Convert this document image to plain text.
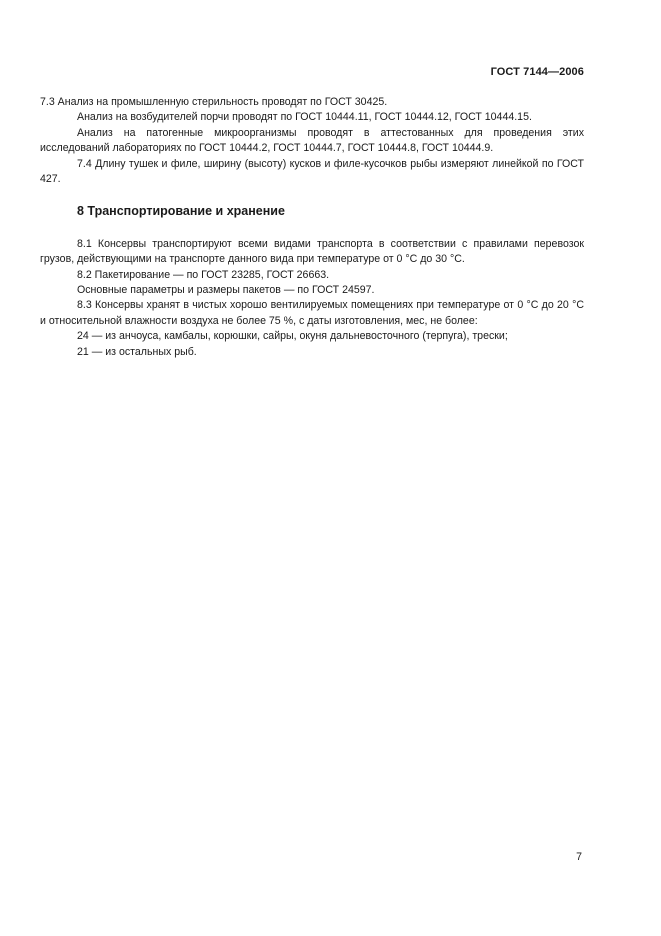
ГОСТ 7144—2006

7.3 Анализ на промышленную стерильность проводят по ГОСТ 30425.

Анализ на возбудителей порчи проводят по ГОСТ 10444.11, ГОСТ 10444.12, ГОСТ 10444.15.

Анализ на патогенные микроорганизмы проводят в аттестованных для проведения этих исследований лабораториях по ГОСТ 10444.2, ГОСТ 10444.7, ГОСТ 10444.8, ГОСТ 10444.9.

7.4 Длину тушек и филе, ширину (высоту) кусков и филе-кусочков рыбы измеряют линейкой по ГОСТ 427.

8 Транспортирование и хранение

8.1 Консервы транспортируют всеми видами транспорта в соответствии с правилами перевозок грузов, действующими на транспорте данного вида при температуре от 0 °С до 30 °С.

8.2 Пакетирование — по ГОСТ 23285, ГОСТ 26663.

Основные параметры и размеры пакетов — по ГОСТ 24597.

8.3 Консервы хранят в чистых хорошо вентилируемых помещениях при температуре от 0 °С до 20 °С и относительной влажности воздуха не более 75 %, с даты изготовления, мес, не более:

24 — из анчоуса, камбалы, корюшки, сайры, окуня дальневосточного (терпуга), трески;

21 — из остальных рыб.

7
